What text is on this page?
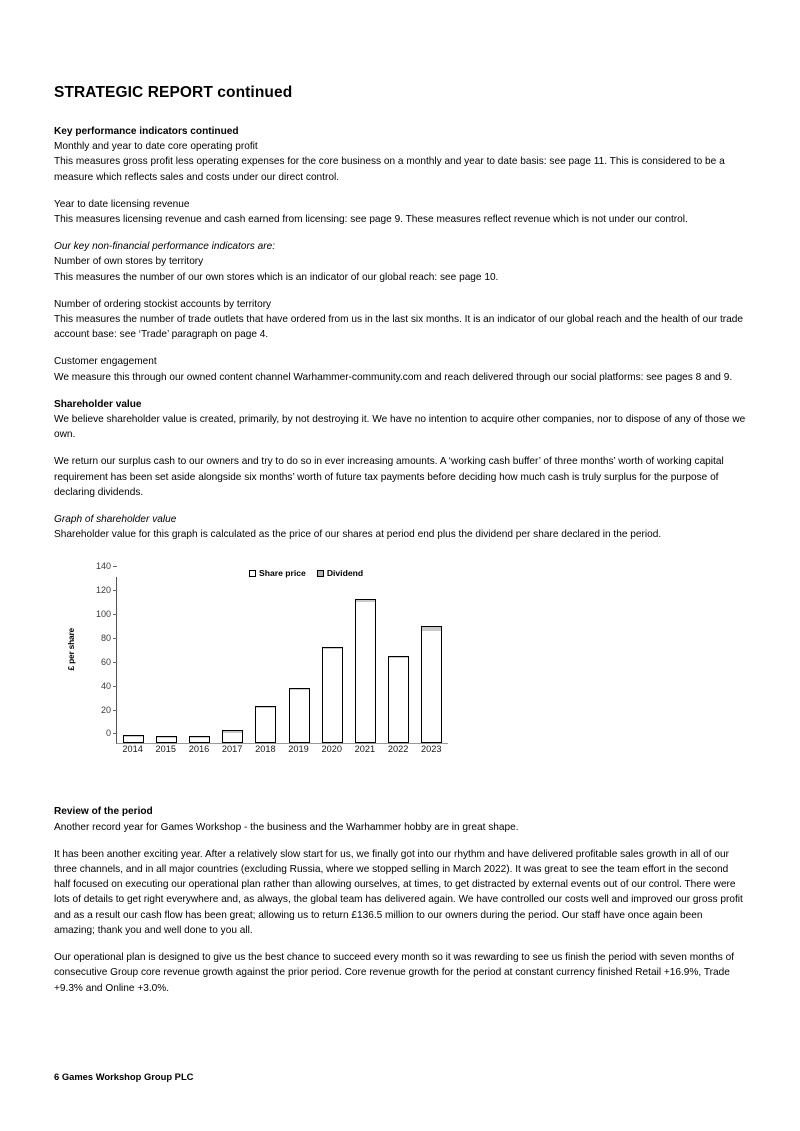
STRATEGIC REPORT continued

Key performance indicators continued

Monthly and year to date core operating profit

This measures gross profit less operating expenses for the core business on a monthly and year to date basis: see page 11. This is considered to be a measure which reflects sales and costs under our direct control.

Year to date licensing revenue

This measures licensing revenue and cash earned from licensing: see page 9. These measures reflect revenue which is not under our control.

Our key non-financial performance indicators are:

Number of own stores by territory

This measures the number of our own stores which is an indicator of our global reach: see page 10.

Number of ordering stockist accounts by territory

This measures the number of trade outlets that have ordered from us in the last six months. It is an indicator of our global reach and the health of our trade account base: see ‘Trade’ paragraph on page 4.

Customer engagement

We measure this through our owned content channel Warhammer-community.com and reach delivered through our social platforms: see pages 8 and 9.

Shareholder value

We believe shareholder value is created, primarily, by not destroying it. We have no intention to acquire other companies, nor to dispose of any of those we own.

We return our surplus cash to our owners and try to do so in ever increasing amounts. A ‘working cash buffer’ of three months’ worth of working capital requirement has been set aside alongside six months’ worth of future tax payments before deciding how much cash is truly surplus for the purpose of declaring dividends.

Graph of shareholder value

Shareholder value for this graph is calculated as the price of our shares at period end plus the dividend per share declared in the period.

Share price Dividend
£ per share
0
20
40
60
80
100
120
140
2014	2015	2016	2017	2018	2019	2020	2021	2022	2023

Review of the period

Another record year for Games Workshop - the business and the Warhammer hobby are in great shape.

It has been another exciting year. After a relatively slow start for us, we finally got into our rhythm and have delivered profitable sales growth in all of our three channels, and in all major countries (excluding Russia, where we stopped selling in March 2022). It was great to see the team effort in the second half focused on executing our operational plan rather than allowing ourselves, at times, to get distracted by external events out of our control. There were lots of details to get right everywhere and, as always, the global team has delivered again. We have controlled our costs well and improved our gross profit and as a result our cash flow has been great; allowing us to return £136.5 million to our owners during the period. Our staff have once again been amazing; thank you and well done to you all.

Our operational plan is designed to give us the best chance to succeed every month so it was rewarding to see us finish the period with seven months of consecutive Group core revenue growth against the prior period. Core revenue growth for the period at constant currency finished Retail +16.9%, Trade +9.3% and Online +3.0%.

6 Games Workshop Group PLC
